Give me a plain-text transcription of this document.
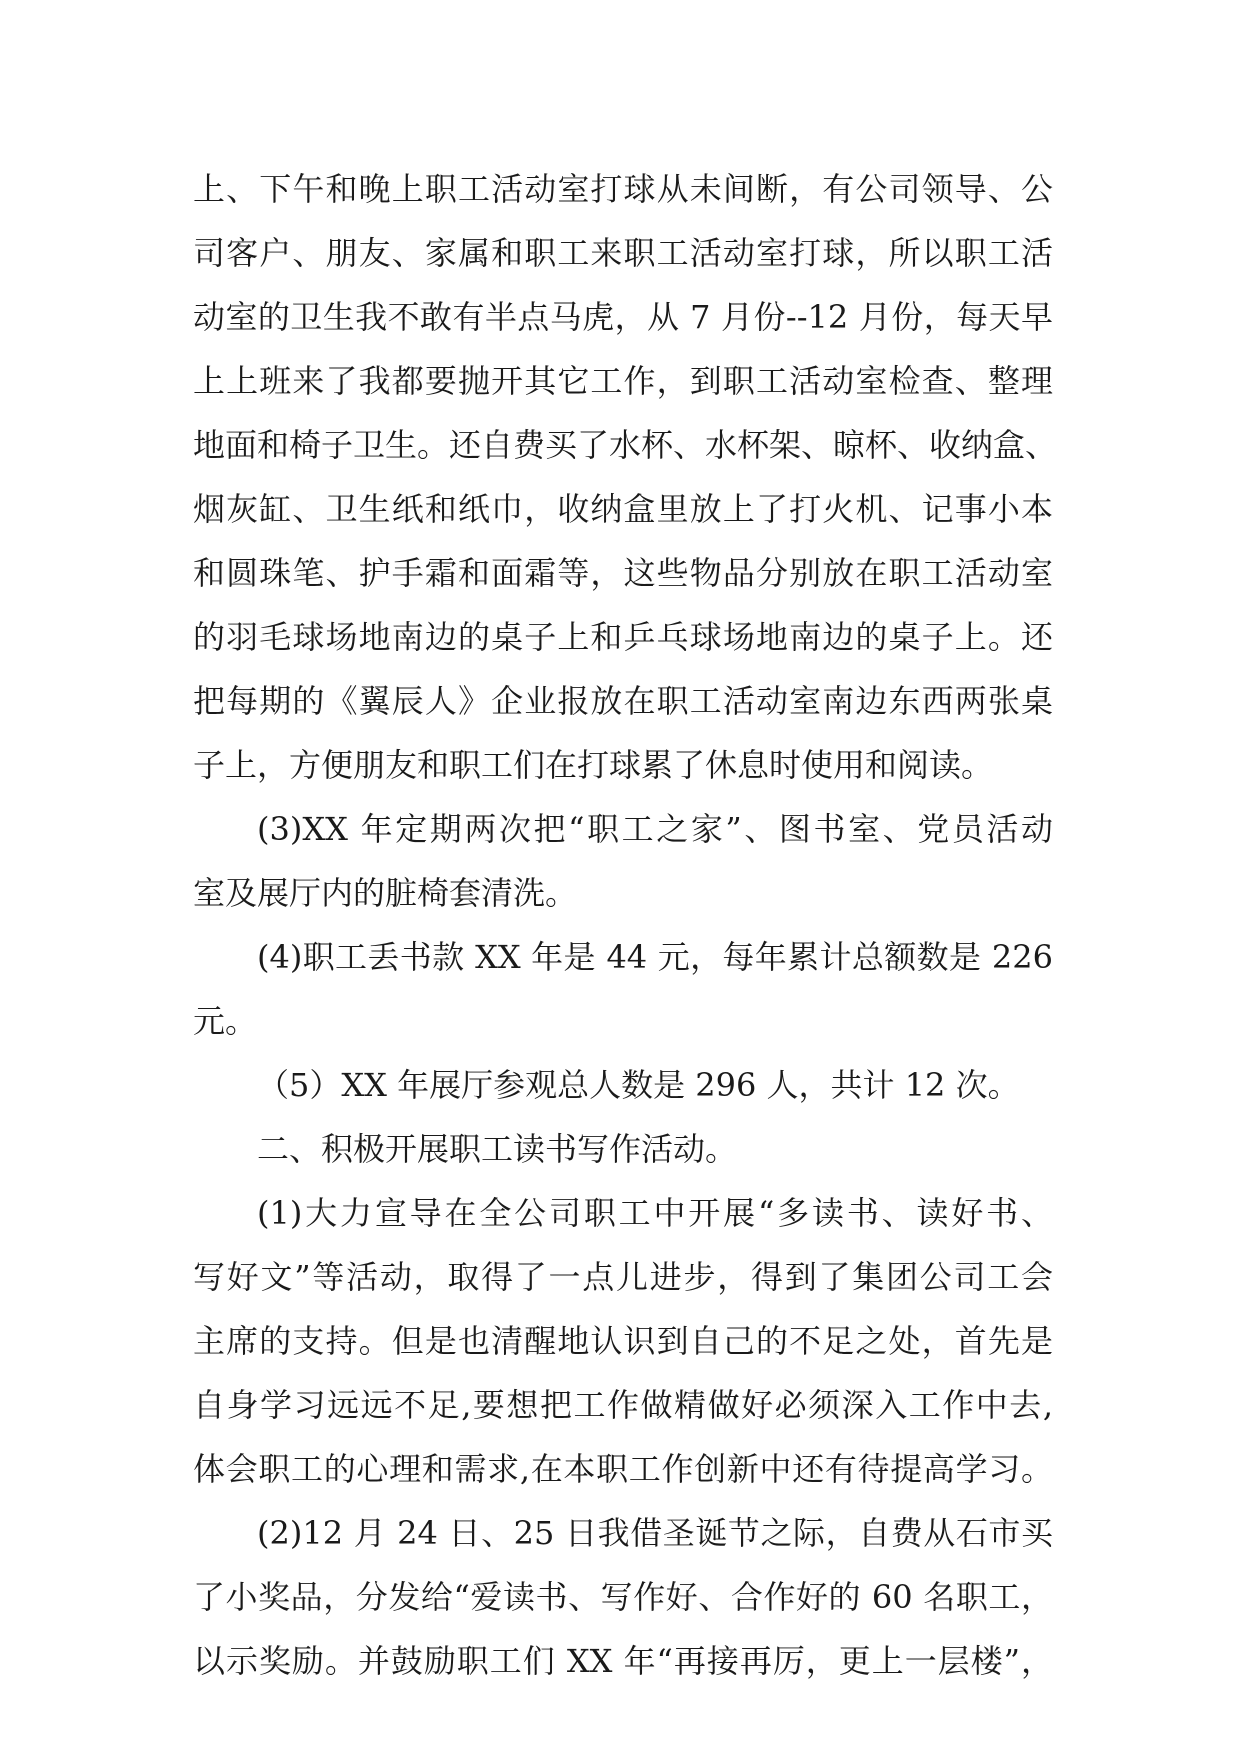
上、下午和晚上职工活动室打球从未间断，有公司领导、公
司客户、朋友、家属和职工来职工活动室打球，所以职工活
动室的卫生我不敢有半点马虎，从 7 月份--12 月份，每天早
上上班来了我都要抛开其它工作，到职工活动室检查、整理
地面和椅子卫生。还自费买了水杯、水杯架、晾杯、收纳盒、
烟灰缸、卫生纸和纸巾，收纳盒里放上了打火机、记事小本
和圆珠笔、护手霜和面霜等，这些物品分别放在职工活动室
的羽毛球场地南边的桌子上和乒乓球场地南边的桌子上。还
把每期的《翼辰人》企业报放在职工活动室南边东西两张桌
子上，方便朋友和职工们在打球累了休息时使用和阅读。
(3)XX 年定期两次把“职工之家”、图书室、党员活动
室及展厅内的脏椅套清洗。
(4)职工丢书款 XX 年是 44 元，每年累计总额数是 226
元。
（5）XX 年展厅参观总人数是 296 人，共计 12 次。
二、积极开展职工读书写作活动。
(1)大力宣导在全公司职工中开展“多读书、读好书、
写好文”等活动，取得了一点儿进步，得到了集团公司工会
主席的支持。但是也清醒地认识到自己的不足之处，首先是
自身学习远远不足,要想把工作做精做好必须深入工作中去,
体会职工的心理和需求,在本职工作创新中还有待提高学习。
(2)12 月 24 日、25 日我借圣诞节之际，自费从石市买
了小奖品，分发给“爱读书、写作好、合作好的 60 名职工，
以示奖励。并鼓励职工们 XX 年“再接再厉，更上一层楼”，
